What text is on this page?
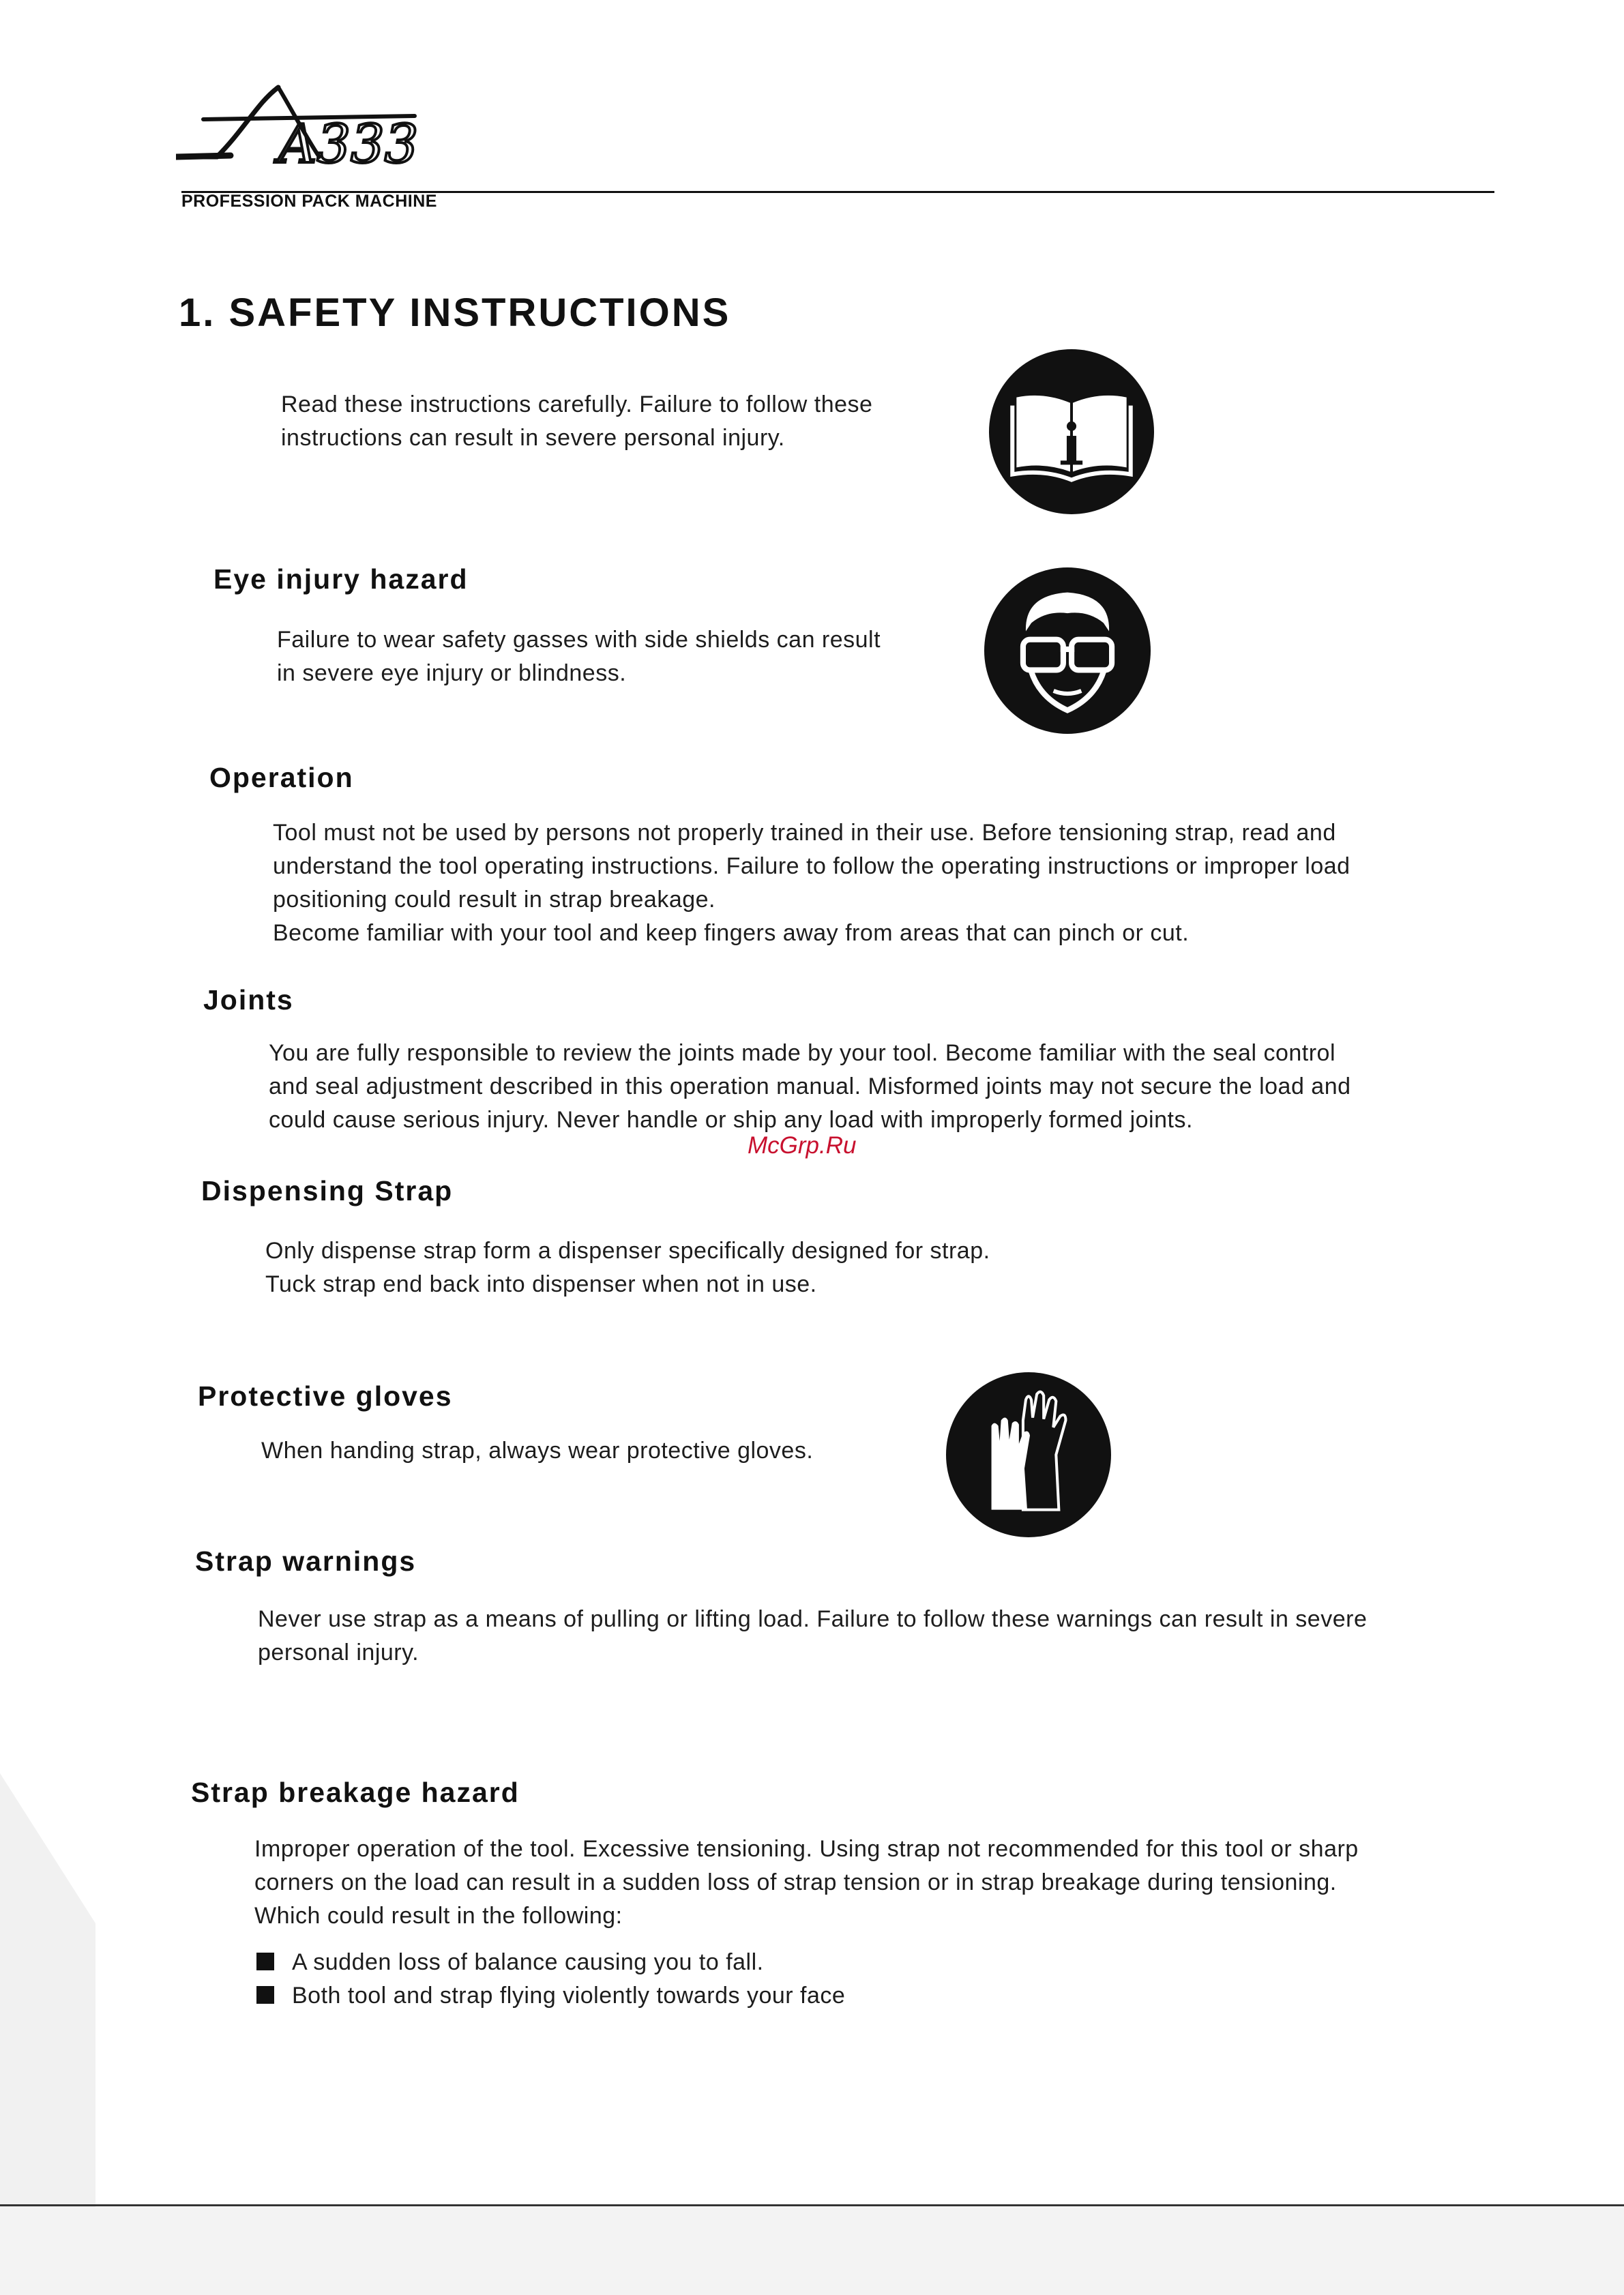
A333
PROFESSION PACK MACHINE
1. SAFETY INSTRUCTIONS

Read these instructions carefully. Failure to follow these
instructions can result in severe personal injury.

Eye injury hazard

Failure to wear safety gasses with side shields can result
in severe eye injury or blindness.

Operation

Tool must not be used by persons not properly trained in their use. Before tensioning strap, read and
understand the tool operating instructions. Failure to follow the operating instructions or improper load
positioning could result in strap breakage.
Become familiar with your tool and keep fingers away from areas that can pinch or cut.

Joints

You are fully responsible to review the joints made by your tool. Become familiar with the seal control
and seal adjustment described in this operation manual. Misformed joints may not secure the load and
could cause serious injury. Never handle or ship any load with improperly formed joints.

McGrp.Ru
Dispensing Strap

Only dispense strap form a dispenser specifically designed for strap.
Tuck strap end back into dispenser when not in use.

Protective gloves

When handing strap, always wear protective gloves.

Strap warnings

Never use strap as a means of pulling or lifting load. Failure to follow these warnings can result in severe
personal injury.

Strap breakage hazard

Improper operation of the tool. Excessive tensioning. Using strap not recommended for this tool or sharp
corners on the load can result in a sudden loss of strap tension or in strap breakage during tensioning.
Which could result in the following:

A sudden loss of balance causing you to fall.
Both tool and strap flying violently towards your face
